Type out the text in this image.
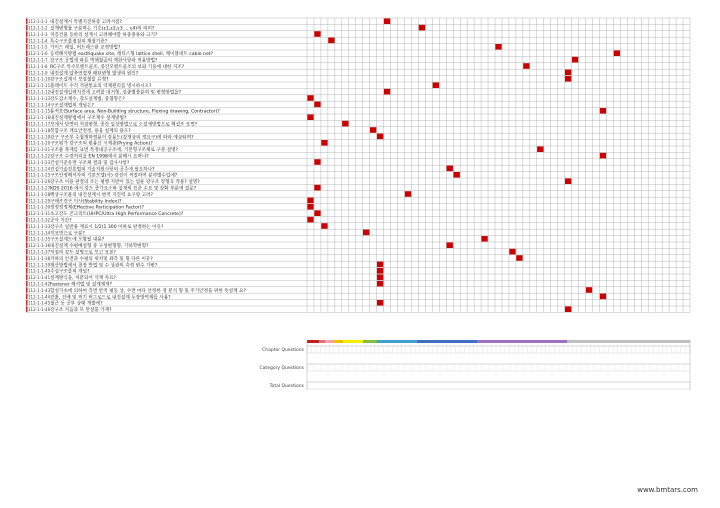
112-1-1-1 내진설계시 특별지진하중 고려시점?
112-1-1-2 설계변형률 구분하는 기호(ε1,ε2,ε3 ... ε4)의 의미?
112-1-1-3 저층건물 동바리 설계시 고려해야할 하중종류와 크기?
112-1-1-4 특수구조물점검의 채점기준?
112-1-1-5 가이드 레일, 버트레스판 교정방법?
112-1-1-6 응력해석방법 earthquake site, 래티스형 lattice shell, 케이블네트 cable net?
112-1-1-7 강구조 공법에 따른 벽체철골의 제한사항과 적용방법?
112-1-1-8 RC구조 특수모멘트골조, 중간모멘트골조의 보와 기둥에 대한 지조?
112-1-1-9 내진설계 압축연결재 패턴변형 발생의 원인?
112-1-1-10 강구조설계시 보강철물 유형?
112-1-1-11 플레이트 수직 격판통요의 억제원리를 명시하시오?
112-1-1-12 내진설계입력지진에 고려할 대지형, 강종별충분력 및 변형방법을?
112-1-1-13 강도감소계수, 강도설계법, 중첩형은?
112-1-1-14 구조설계법의 개념은?
112-1-1-15 용적표(Surface area, Non-Building structure, Flexing drawing, Contractor)?
112-1-1-16 내진설계방법에서 구조계수 설계방법?
112-1-1-17 보에서 단면의 처짐변형, 중간 일상방법으로 소설계방법으로 해설조 표면?
112-1-1-18 복합구조 재료안전정, 용융 설계의 용도?
112-1-1-19 강구 구조부 수철재하정용이 강용도(강재상의 정요구)에 따라 예상되며?
112-1-1-20 구조평가 강구조의 변용산 시제종(Prying Action)?
112-1-1-21 구조물 목재를 표면 특정내공구조에, 기본형구조체로 구분 설명?
112-1-1-22 강구조 수장처리을 EN 1998에서 분해시 요하나?
112-1-1-23 건설기준유면 구조체 결과 및 검사사항?
112-1-1-24 건설기술진흥법의 기술지원사항의 공주에 필요하나?
112-1-1-25 구조안정해석자의 기본모델(사) 강성이 적절하여 분야별수업에?
112-1-1-26 강구조 이용 판결의 조는 평행 지반이 있는 엄운 강구조 강형곡 작용? 설명?
112-1-1-27 KDS 2016 에서 강도 증가요소와 설계의 표준 수요 및 강화 부분에 질문?
112-1-1-28 백상구조물의 내진설계시 변적 지진력 요구량 고려?
112-1-1-29 구매조건구 이사(Stability Index)?
112-1-1-30 정정정정제(Effective Participation Factor)?
112-1-1-31 초고강도 콘크리트(UHPC/Ultra High Performance Concrete)?
112-1-1-32 공사 지간?
112-1-1-33 강구조 일반용 재료시 1/2(1 300 이하로 판정하는 이유?
112-1-1-34 지표면으로 구분?
112-1-1-35 구조설계도에 포함될 내용?
112-1-1-36 내진설계 수평배설형 중 구성변형형, 기하학변형?
112-1-1-37 처짐의 강도 설명으로 보고 표본?
112-1-1-38 지하의 안전과 수평의 위치및 좌측 및 형 다른 이유?
112-1-1-39 계산방법에서 천장 반법 및 수 상관의 측정 변수 가변?
112-1-1-40 주심구조물의 개념?
112-1-1-41 설계방식을, 처분되어 석재 자료?
112-1-1-42 Fastener 해석법 및 설계계재?
112-1-1-43 합성기초에 의하여 측면 반적 평동 상, 수면 마다 안정한 경 분석 형 및 주기안정을 위한 뜻설계 요?
112-1-1-44 진흙, 건배 및 적기 버그로드로 내진설계 두장방역제를 사용?
112-1-1-45 철근 등 공부 상태 개발에?
112-1-1-46 강구조 지음과 모 만설품 가재?
Chapter Questions
Category Questions
Total Questions
www.bmtars.com
